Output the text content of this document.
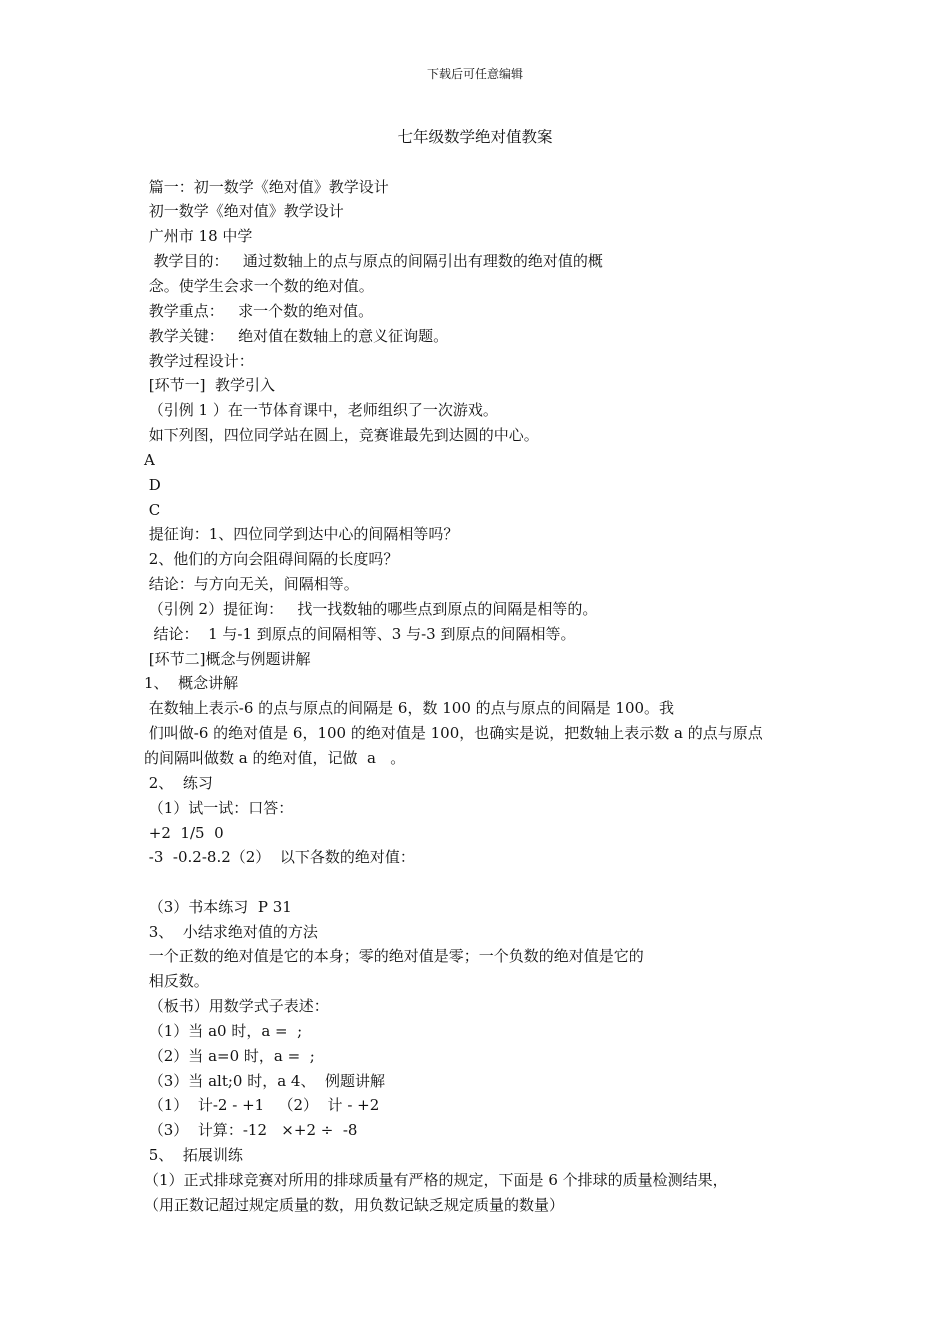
下载后可任意编辑
七年级数学绝对值教案
篇一：初一数学《绝对值》教学设计
初一数学《绝对值》教学设计
广州市 18 中学
教学目的：   通过数轴上的点与原点的间隔引出有理数的绝对值的概
念。使学生会求一个数的绝对值。
教学重点：   求一个数的绝对值。
教学关键：   绝对值在数轴上的意义征询题。
教学过程设计：
[环节一]  教学引入
（引例 1 ）在一节体育课中，老师组织了一次游戏。
如下列图，四位同学站在圆上，竞赛谁最先到达圆的中心。
A
D
C
提征询：1、四位同学到达中心的间隔相等吗？
2、他们的方向会阻碍间隔的长度吗？
结论：与方向无关，间隔相等。
（引例 2）提征询：   找一找数轴的哪些点到原点的间隔是相等的。
结论：  1 与-1 到原点的间隔相等、3 与-3 到原点的间隔相等。
[环节二]概念与例题讲解
1、  概念讲解
在数轴上表示-6 的点与原点的间隔是 6，数 100 的点与原点的间隔是 100。我
们叫做-6 的绝对值是 6，100 的绝对值是 100，也确实是说，把数轴上表示数 a 的点与原点
的间隔叫做数 a 的绝对值，记做  a   。
2、  练习
（1）试一试：口答：
+2  1/5  0
-3  -0.2-8.2（2）  以下各数的绝对值：
（3）书本练习  P 31
3、  小结求绝对值的方法
一个正数的绝对值是它的本身；零的绝对值是零；一个负数的绝对值是它的
相反数。
（板书）用数学式子表述：
（1）当 a0 时，a =  ;
（2）当 a=0 时，a =  ;
（3）当 alt;0 时，a 4、  例题讲解
（1）  计-2 - +1   （2）  计 - +2
（3）  计算：-12   ×+2 ÷  -8
5、  拓展训练
（1）正式排球竞赛对所用的排球质量有严格的规定，下面是 6 个排球的质量检测结果，
（用正数记超过规定质量的数，用负数记缺乏规定质量的数量）
